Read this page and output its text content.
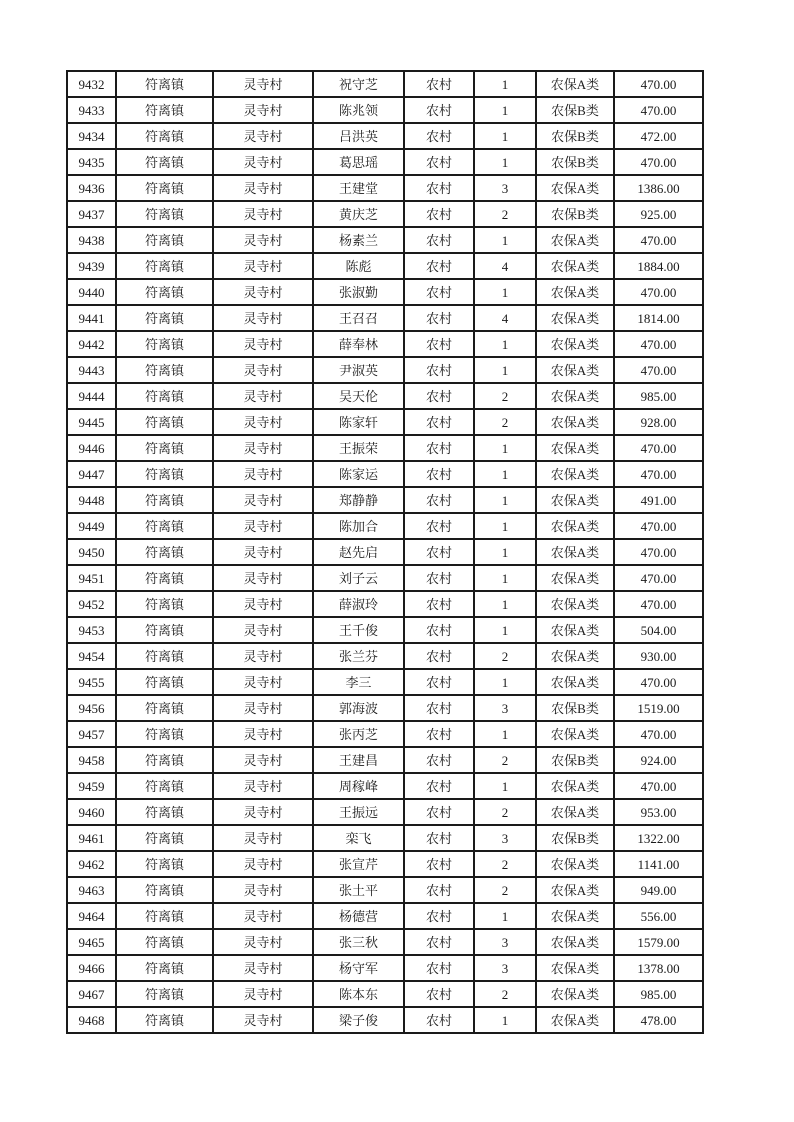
9432	符离镇	灵寺村	祝守芝	农村	1	农保A类	470.00
9433	符离镇	灵寺村	陈兆领	农村	1	农保B类	470.00
9434	符离镇	灵寺村	吕洪英	农村	1	农保B类	472.00
9435	符离镇	灵寺村	葛思瑶	农村	1	农保B类	470.00
9436	符离镇	灵寺村	王建堂	农村	3	农保A类	1386.00
9437	符离镇	灵寺村	黄庆芝	农村	2	农保B类	925.00
9438	符离镇	灵寺村	杨素兰	农村	1	农保A类	470.00
9439	符离镇	灵寺村	陈彪	农村	4	农保A类	1884.00
9440	符离镇	灵寺村	张淑勤	农村	1	农保A类	470.00
9441	符离镇	灵寺村	王召召	农村	4	农保A类	1814.00
9442	符离镇	灵寺村	薛奉林	农村	1	农保A类	470.00
9443	符离镇	灵寺村	尹淑英	农村	1	农保A类	470.00
9444	符离镇	灵寺村	吴天伦	农村	2	农保A类	985.00
9445	符离镇	灵寺村	陈家轩	农村	2	农保A类	928.00
9446	符离镇	灵寺村	王振荣	农村	1	农保A类	470.00
9447	符离镇	灵寺村	陈家运	农村	1	农保A类	470.00
9448	符离镇	灵寺村	郑静静	农村	1	农保A类	491.00
9449	符离镇	灵寺村	陈加合	农村	1	农保A类	470.00
9450	符离镇	灵寺村	赵先启	农村	1	农保A类	470.00
9451	符离镇	灵寺村	刘子云	农村	1	农保A类	470.00
9452	符离镇	灵寺村	薛淑玲	农村	1	农保A类	470.00
9453	符离镇	灵寺村	王千俊	农村	1	农保A类	504.00
9454	符离镇	灵寺村	张兰芬	农村	2	农保A类	930.00
9455	符离镇	灵寺村	李三	农村	1	农保A类	470.00
9456	符离镇	灵寺村	郭海波	农村	3	农保B类	1519.00
9457	符离镇	灵寺村	张丙芝	农村	1	农保A类	470.00
9458	符离镇	灵寺村	王建昌	农村	2	农保B类	924.00
9459	符离镇	灵寺村	周稼峰	农村	1	农保A类	470.00
9460	符离镇	灵寺村	王振远	农村	2	农保A类	953.00
9461	符离镇	灵寺村	栾飞	农村	3	农保B类	1322.00
9462	符离镇	灵寺村	张宣芹	农村	2	农保A类	1141.00
9463	符离镇	灵寺村	张土平	农村	2	农保A类	949.00
9464	符离镇	灵寺村	杨德营	农村	1	农保A类	556.00
9465	符离镇	灵寺村	张三秋	农村	3	农保A类	1579.00
9466	符离镇	灵寺村	杨守军	农村	3	农保A类	1378.00
9467	符离镇	灵寺村	陈本东	农村	2	农保A类	985.00
9468	符离镇	灵寺村	梁子俊	农村	1	农保A类	478.00
